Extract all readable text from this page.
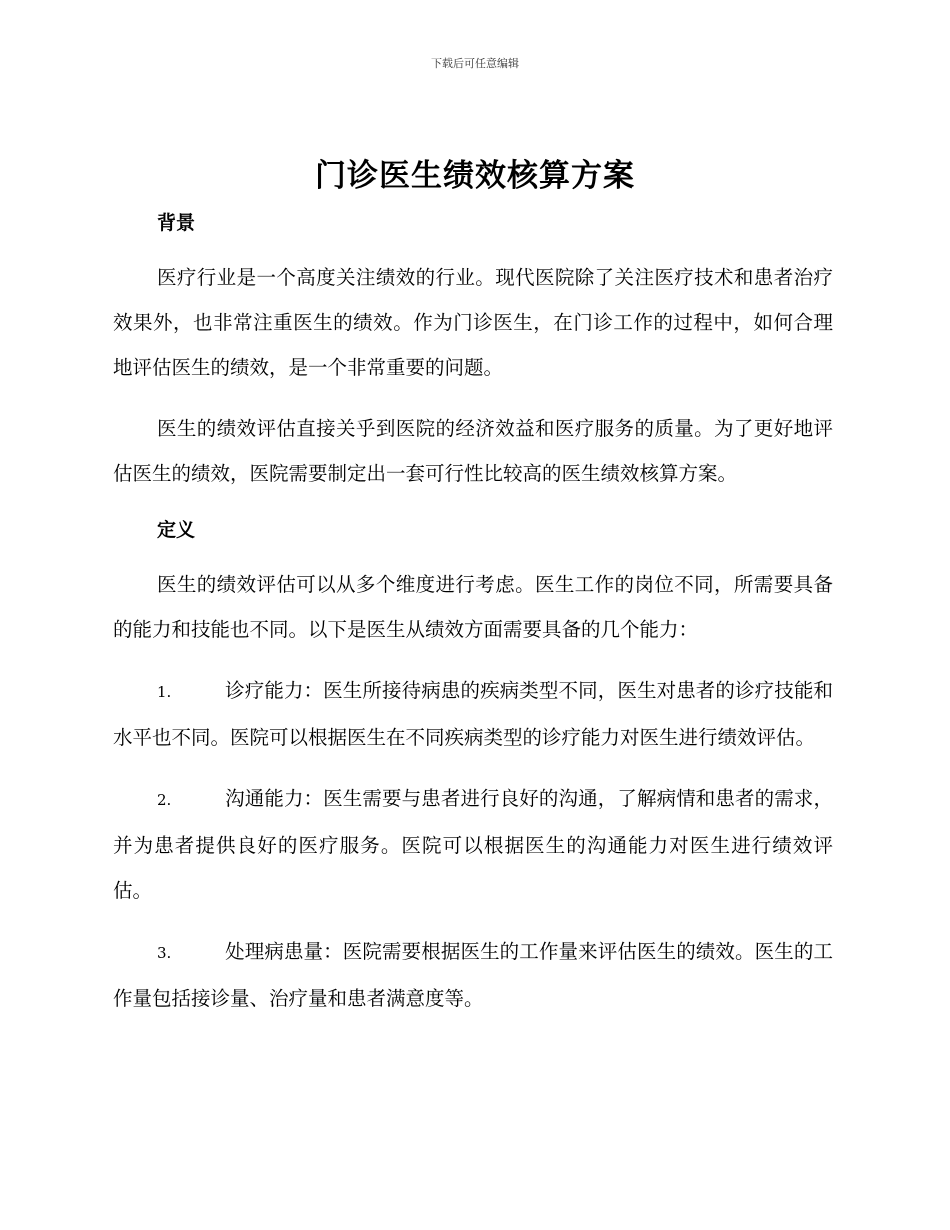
下载后可任意编辑
门诊医生绩效核算方案
背景

医疗行业是一个高度关注绩效的行业。现代医院除了关注医疗技术和患者治疗效果外，也非常注重医生的绩效。作为门诊医生，在门诊工作的过程中，如何合理地评估医生的绩效，是一个非常重要的问题。

医生的绩效评估直接关乎到医院的经济效益和医疗服务的质量。为了更好地评估医生的绩效，医院需要制定出一套可行性比较高的医生绩效核算方案。

定义

医生的绩效评估可以从多个维度进行考虑。医生工作的岗位不同，所需要具备的能力和技能也不同。以下是医生从绩效方面需要具备的几个能力：

1.	诊疗能力：医生所接待病患的疾病类型不同，医生对患者的诊疗技能和水平也不同。医院可以根据医生在不同疾病类型的诊疗能力对医生进行绩效评估。

2.	沟通能力：医生需要与患者进行良好的沟通，了解病情和患者的需求，并为患者提供良好的医疗服务。医院可以根据医生的沟通能力对医生进行绩效评估。

3.	处理病患量：医院需要根据医生的工作量来评估医生的绩效。医生的工作量包括接诊量、治疗量和患者满意度等。
